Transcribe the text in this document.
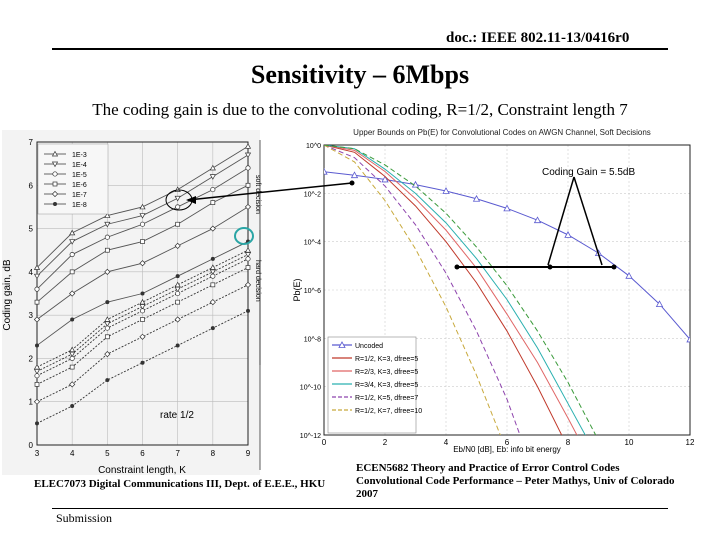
doc.: IEEE 802.11-13/0416r0
Sensitivity – 6Mbps
The coding gain is due to the convolutional coding, R=1/2, Constraint length 7
3	4	5	6	7	8	9
0
1
2
3
4
5
6
7
1E-3
1E-4
1E-5
1E-6
1E-7
1E-8
Coding gain, dB
Constraint length, K
rate 1/2
soft decision
hard decision
Upper Bounds on Pb(E) for Convolutional Codes on AWGN Channel, Soft Decisions
0	2	4	6	8	10	12
10^0
10^-2
10^-4
10^-6
10^-8
10^-10
10^-12
Uncoded
R=1/2, K=3, dfree=5
R=2/3, K=3, dfree=5
R=3/4, K=3, dfree=5
R=1/2, K=5, dfree=7
R=1/2, K=7, dfree=10
Pb(E)
Eb/N0 [dB], Eb: info bit energy
Coding Gain = 5.5dB
ELEC7073 Digital Communications III, Dept. of E.E.E., HKU
ECEN5682 Theory and Practice of Error Control Codes Convolutional Code Performance – Peter Mathys, Univ of Colorado 2007
Submission
